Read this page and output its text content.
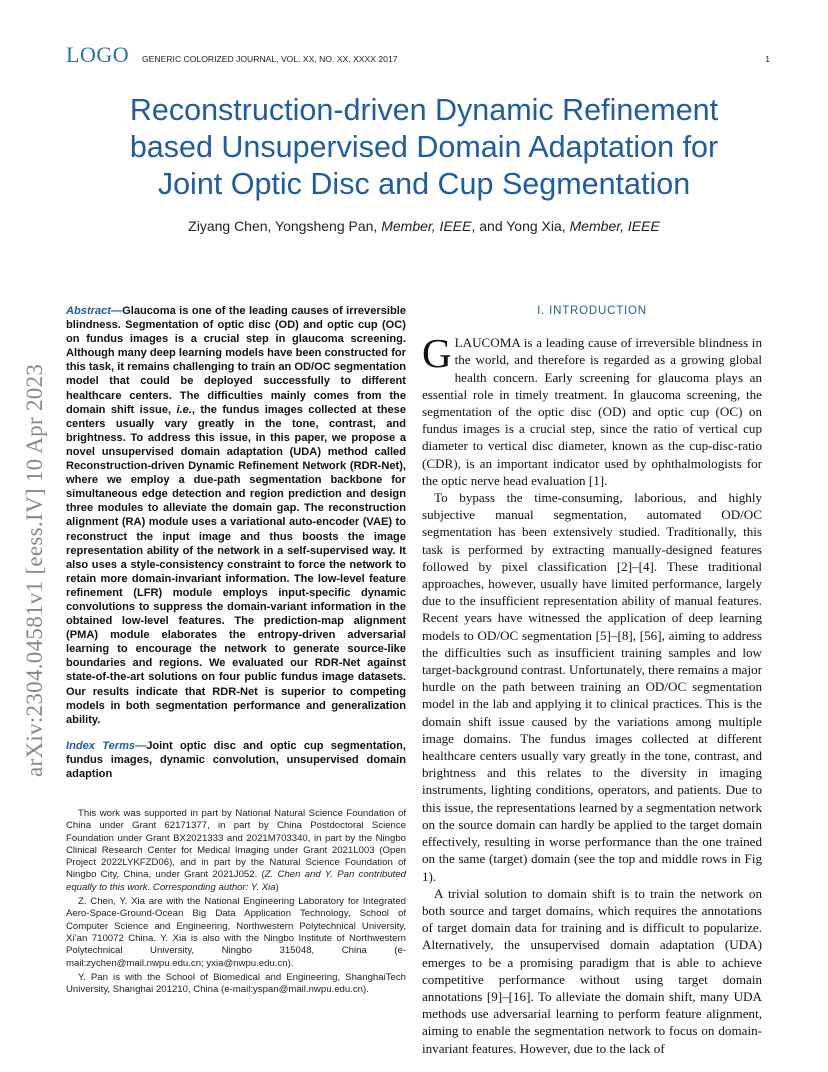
LOGO GENERIC COLORIZED JOURNAL, VOL. XX, NO. XX, XXXX 2017	1
Reconstruction-driven Dynamic Refinement
based Unsupervised Domain Adaptation for
Joint Optic Disc and Cup Segmentation
Ziyang Chen, Yongsheng Pan, Member, IEEE, and Yong Xia, Member, IEEE
arXiv:2304.04581v1 [eess.IV] 10 Apr 2023

Abstract—Glaucoma is one of the leading causes of irreversible blindness. Segmentation of optic disc (OD) and optic cup (OC) on fundus images is a crucial step in glaucoma screening. Although many deep learning models have been constructed for this task, it remains challenging to train an OD/OC segmentation model that could be deployed successfully to different healthcare centers. The difficulties mainly comes from the domain shift issue, i.e., the fundus images collected at these centers usually vary greatly in the tone, contrast, and brightness. To address this issue, in this paper, we propose a novel unsupervised domain adaptation (UDA) method called Reconstruction-driven Dynamic Refinement Network (RDR-Net), where we employ a due-path segmentation backbone for simultaneous edge detection and region prediction and design three modules to alleviate the domain gap. The reconstruction alignment (RA) module uses a variational auto-encoder (VAE) to reconstruct the input image and thus boosts the image representation ability of the network in a self-supervised way. It also uses a style-consistency constraint to force the network to retain more domain-invariant information. The low-level feature refinement (LFR) module employs input-specific dynamic convolutions to suppress the domain-variant information in the obtained low-level features. The prediction-map alignment (PMA) module elaborates the entropy-driven adversarial learning to encourage the network to generate source-like boundaries and regions. We evaluated our RDR-Net against state-of-the-art solutions on four public fundus image datasets. Our results indicate that RDR-Net is superior to competing models in both segmentation performance and generalization ability.

Index Terms—Joint optic disc and optic cup segmentation, fundus images, dynamic convolution, unsupervised domain adaption

This work was supported in part by National Natural Science Foundation of China under Grant 62171377, in part by China Postdoctoral Science Foundation under Grant BX2021333 and 2021M703340, in part by the Ningbo Clinical Research Center for Medical Imaging under Grant 2021L003 (Open Project 2022LYKFZD06), and in part by the Natural Science Foundation of Ningbo City, China, under Grant 2021J052. (Z. Chen and Y. Pan contributed equally to this work. Corresponding author: Y. Xia)

Z. Chen, Y. Xia are with the National Engineering Laboratory for Integrated Aero-Space-Ground-Ocean Big Data Application Technology, School of Computer Science and Engineering, Northwestern Polytechnical University, Xi’an 710072 China. Y. Xia is also with the Ningbo Institute of Northwestern Polytechnical University, Ningbo 315048, China (e-mail:zychen@mail.nwpu.edu.cn; yxia@nwpu.edu.cn).

Y. Pan is with the School of Biomedical and Engineering, ShanghaiTech University, Shanghai 201210, China (e-mail:yspan@mail.nwpu.edu.cn).

I. INTRODUCTION

GLAUCOMA is a leading cause of irreversible blindness in the world, and therefore is regarded as a growing global health concern. Early screening for glaucoma plays an essential role in timely treatment. In glaucoma screening, the segmentation of the optic disc (OD) and optic cup (OC) on fundus images is a crucial step, since the ratio of vertical cup diameter to vertical disc diameter, known as the cup-disc-ratio (CDR), is an important indicator used by ophthalmologists for the optic nerve head evaluation [1].

To bypass the time-consuming, laborious, and highly subjective manual segmentation, automated OD/OC segmentation has been extensively studied. Traditionally, this task is performed by extracting manually-designed features followed by pixel classification [2]–[4]. These traditional approaches, however, usually have limited performance, largely due to the insufficient representation ability of manual features. Recent years have witnessed the application of deep learning models to OD/OC segmentation [5]–[8], [56], aiming to address the difficulties such as insufficient training samples and low target-background contrast. Unfortunately, there remains a major hurdle on the path between training an OD/OC segmentation model in the lab and applying it to clinical practices. This is the domain shift issue caused by the variations among multiple image domains. The fundus images collected at different healthcare centers usually vary greatly in the tone, contrast, and brightness and this relates to the diversity in imaging instruments, lighting conditions, operators, and patients. Due to this issue, the representations learned by a segmentation network on the source domain can hardly be applied to the target domain effectively, resulting in worse performance than the one trained on the same (target) domain (see the top and middle rows in Fig 1).

A trivial solution to domain shift is to train the network on both source and target domains, which requires the annotations of target domain data for training and is difficult to popularize. Alternatively, the unsupervised domain adaptation (UDA) emerges to be a promising paradigm that is able to achieve competitive performance without using target domain annotations [9]–[16]. To alleviate the domain shift, many UDA methods use adversarial learning to perform feature alignment, aiming to enable the segmentation network to focus on domain-invariant features. However, due to the lack of
